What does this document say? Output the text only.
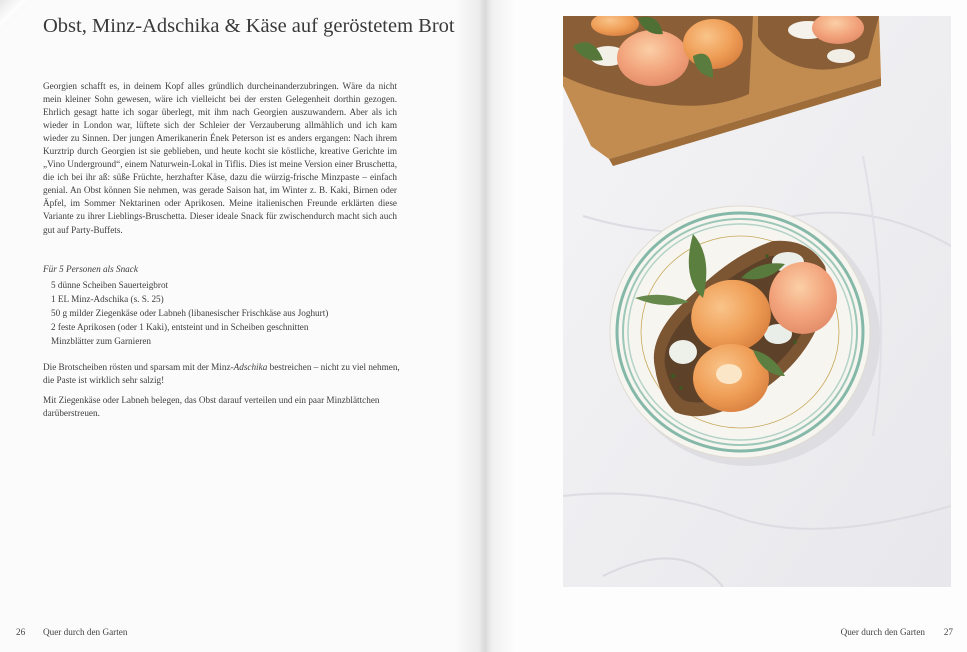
Obst, Minz-Adschika & Käse auf geröstetem Brot

Georgien schafft es, in deinem Kopf alles gründlich durcheinanderzubringen. Wäre da nicht mein kleiner Sohn gewesen, wäre ich vielleicht bei der ersten Gelegenheit dorthin gezogen. Ehrlich gesagt hatte ich sogar überlegt, mit ihm nach Georgien auszuwandern. Aber als ich wieder in London war, lüftete sich der Schleier der Verzauberung allmählich und ich kam wieder zu Sinnen. Der jungen Amerikanerin Ének Peterson ist es anders ergangen: Nach ihrem Kurztrip durch Georgien ist sie geblieben, und heute kocht sie köstliche, kreative Gerichte im „Vino Underground“, einem Naturwein-Lokal in Tiflis. Dies ist meine Version einer Bruschetta, die ich bei ihr aß: süße Früchte, herzhafter Käse, dazu die würzig-frische Minzpaste – einfach genial. An Obst können Sie nehmen, was gerade Saison hat, im Winter z. B. Kaki, Birnen oder Äpfel, im Sommer Nektarinen oder Aprikosen. Meine italienischen Freunde erklärten diese Variante zu ihrer Lieblings-Bruschetta. Dieser ideale Snack für zwischendurch macht sich auch gut auf Party-Buffets.

Für 5 Personen als Snack
5 dünne Scheiben Sauerteigbrot
1 EL Minz-Adschika (s. S. 25)
50 g milder Ziegenkäse oder Labneh (libanesischer Frischkäse aus Joghurt)
2 feste Aprikosen (oder 1 Kaki), entsteint und in Scheiben geschnitten
Minzblätter zum Garnieren

Die Brotscheiben rösten und sparsam mit der Minz-Adschika bestreichen – nicht zu viel nehmen, die Paste ist wirklich sehr salzig!

Mit Ziegenkäse oder Labneh belegen, das Obst darauf verteilen und ein paar Minzblättchen darüberstreuen.

26 Quer durch den Garten	Quer durch den Garten 27
